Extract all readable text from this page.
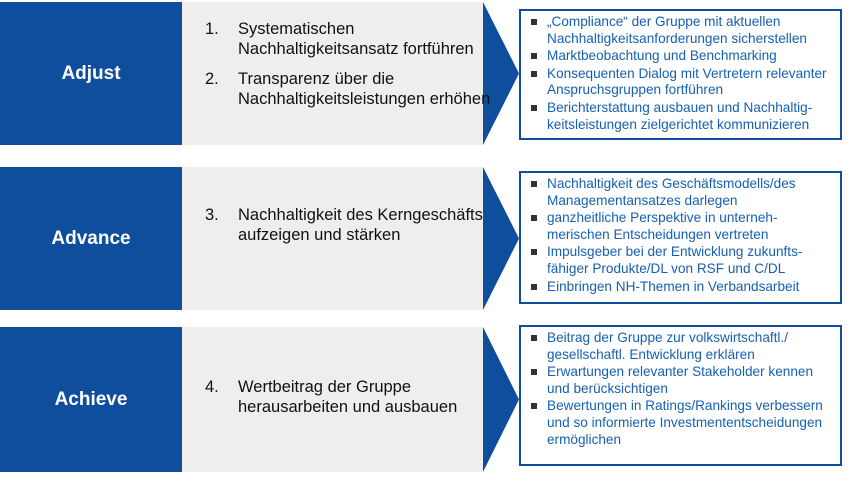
Adjust
„Compliance“ der Gruppe mit aktuellen Nachhaltigkeitsanforderungen sicherstellen
Marktbeobachtung und Benchmarking
Konsequenten Dialog mit Vertretern relevanter Anspruchsgruppen fortführen
Berichterstattung ausbauen und Nachhaltig-keitsleistungen zielgerichtet kommunizieren
1. Systematischen Nachhaltigkeitsansatz fortführen
2. Transparenz über die Nachhaltigkeitsleistungen erhöhen
Advance
Nachhaltigkeit des Geschäftsmodells/des Managementansatzes darlegen
ganzheitliche Perspektive in unterneh-merischen Entscheidungen vertreten
Impulsgeber bei der Entwicklung zukunfts-fähiger Produkte/DL von RSF und C/DL
Einbringen NH-Themen in Verbandsarbeit
3. Nachhaltigkeit des Kerngeschäfts aufzeigen und stärken
Achieve
Beitrag der Gruppe zur volkswirtschaftl./ gesellschaftl. Entwicklung erklären
Erwartungen relevanter Stakeholder kennen und berücksichtigen
Bewertungen in Ratings/Rankings verbessern und so informierte Investmententscheidungen ermöglichen
4. Wertbeitrag der Gruppe herausarbeiten und ausbauen
